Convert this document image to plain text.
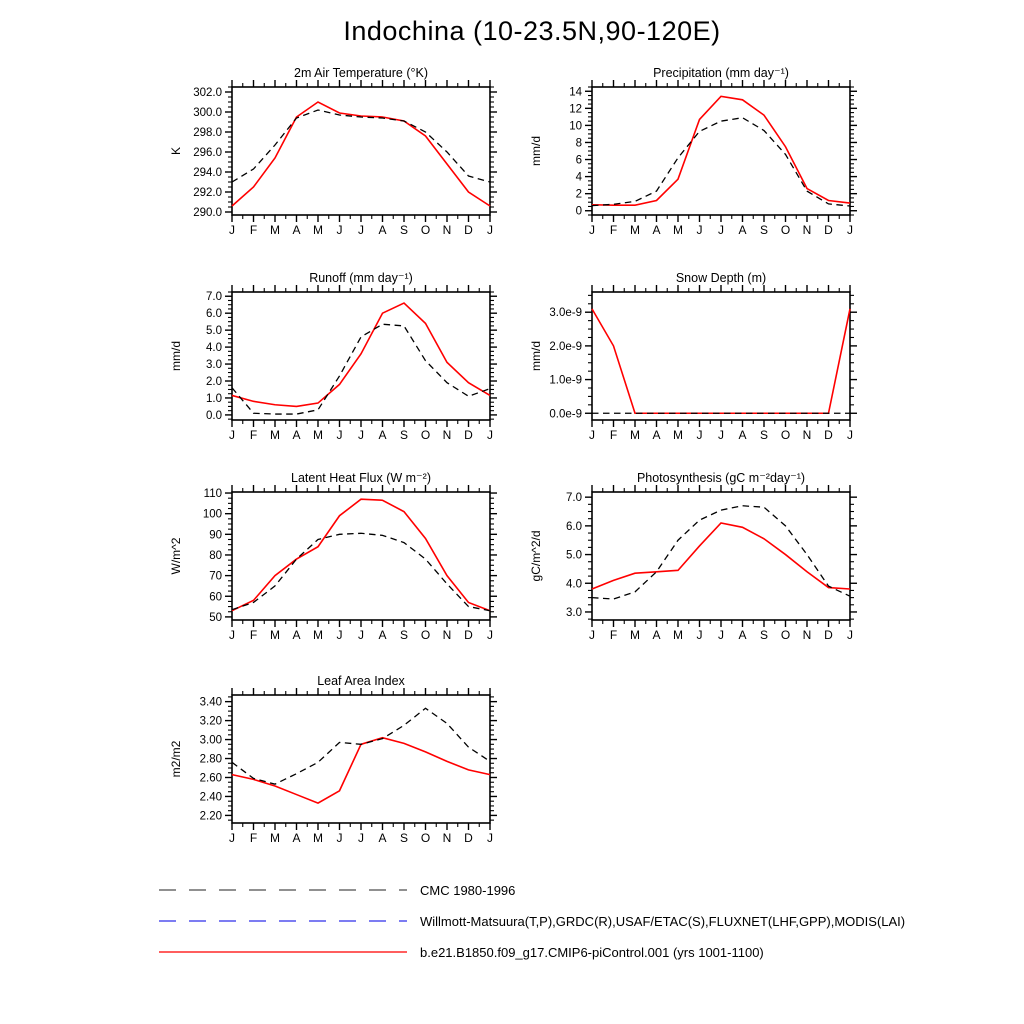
Indochina (10-23.5N,90-120E)
2m Air Temperature (°K)
K
290.0
292.0
294.0
296.0
298.0
300.0
302.0
J F M A M J J A S O N D J
Precipitation (mm day⁻¹)
mm/d
0
2
4
6
8
10
12
14
J F M A M J J A S O N D J
Runoff (mm day⁻¹)
mm/d
0.0
1.0
2.0
3.0
4.0
5.0
6.0
7.0
J F M A M J J A S O N D J
Snow Depth (m)
mm/d
0.0e-9
1.0e-9
2.0e-9
3.0e-9
J F M A M J J A S O N D J
Latent Heat Flux (W m⁻²)
W/m^2
50
60
70
80
90
100
110
J F M A M J J A S O N D J
Photosynthesis (gC m⁻²day⁻¹)
gC/m^2/d
3.0
4.0
5.0
6.0
7.0
J F M A M J J A S O N D J
Leaf Area Index
m2/m2
2.20
2.40
2.60
2.80
3.00
3.20
3.40
J F M A M J J A S O N D J
CMC 1980-1996
Willmott-Matsuura(T,P),GRDC(R),USAF/ETAC(S),FLUXNET(LHF,GPP),MODIS(LAI)
b.e21.B1850.f09_g17.CMIP6-piControl.001 (yrs 1001-1100)
